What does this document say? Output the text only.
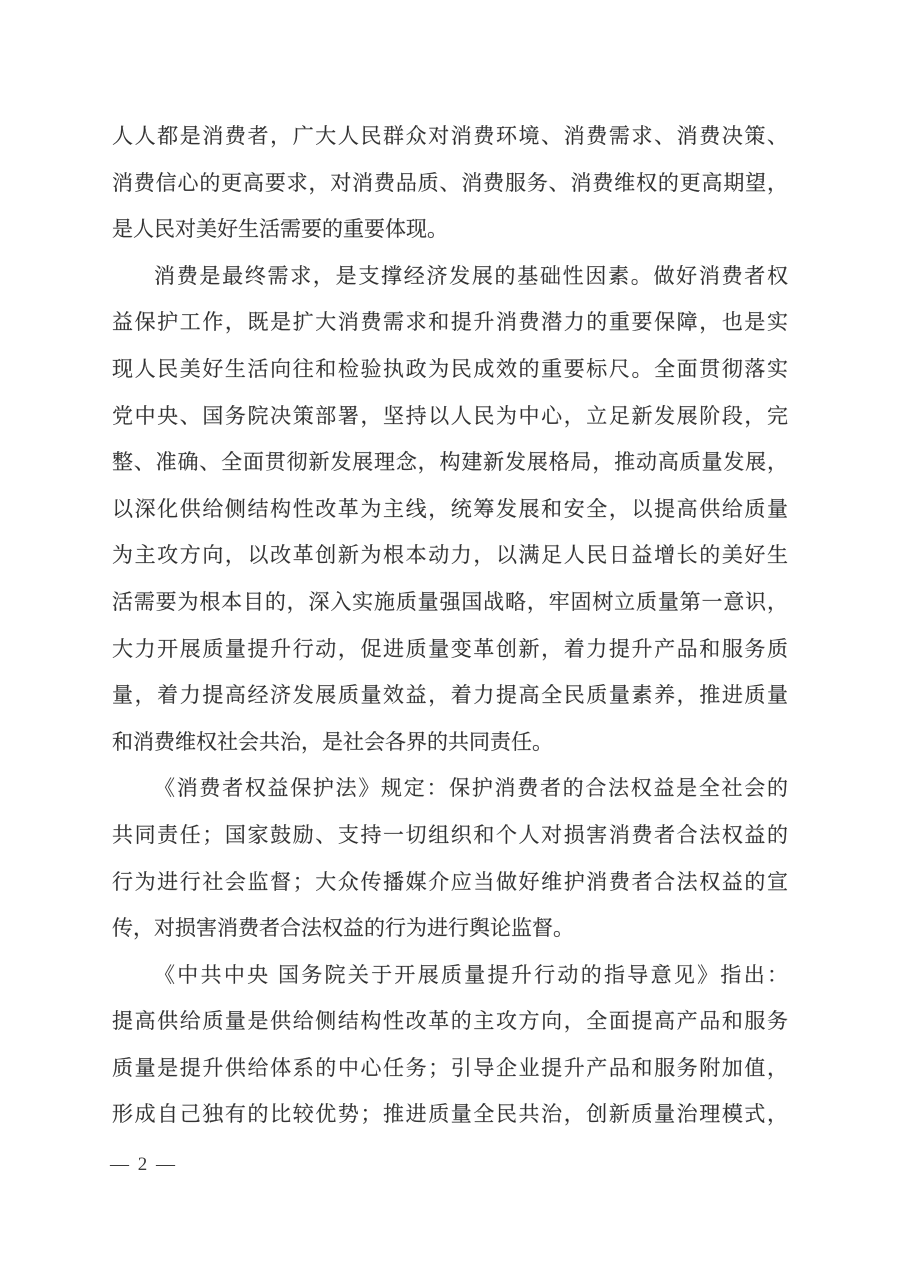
人人都是消费者，广大人民群众对消费环境、消费需求、消费决策、
消费信心的更高要求，对消费品质、消费服务、消费维权的更高期望，
是人民对美好生活需要的重要体现。
消费是最终需求，是支撑经济发展的基础性因素。做好消费者权
益保护工作，既是扩大消费需求和提升消费潜力的重要保障，也是实
现人民美好生活向往和检验执政为民成效的重要标尺。全面贯彻落实
党中央、国务院决策部署，坚持以人民为中心，立足新发展阶段，完
整、准确、全面贯彻新发展理念，构建新发展格局，推动高质量发展，
以深化供给侧结构性改革为主线，统筹发展和安全，以提高供给质量
为主攻方向，以改革创新为根本动力，以满足人民日益增长的美好生
活需要为根本目的，深入实施质量强国战略，牢固树立质量第一意识，
大力开展质量提升行动，促进质量变革创新，着力提升产品和服务质
量，着力提高经济发展质量效益，着力提高全民质量素养，推进质量
和消费维权社会共治，是社会各界的共同责任。
《消费者权益保护法》规定：保护消费者的合法权益是全社会的
共同责任；国家鼓励、支持一切组织和个人对损害消费者合法权益的
行为进行社会监督；大众传播媒介应当做好维护消费者合法权益的宣
传，对损害消费者合法权益的行为进行舆论监督。
《中共中央 国务院关于开展质量提升行动的指导意见》指出：
提高供给质量是供给侧结构性改革的主攻方向，全面提高产品和服务
质量是提升供给体系的中心任务；引导企业提升产品和服务附加值，
形成自己独有的比较优势；推进质量全民共治，创新质量治理模式，
— 2 —
